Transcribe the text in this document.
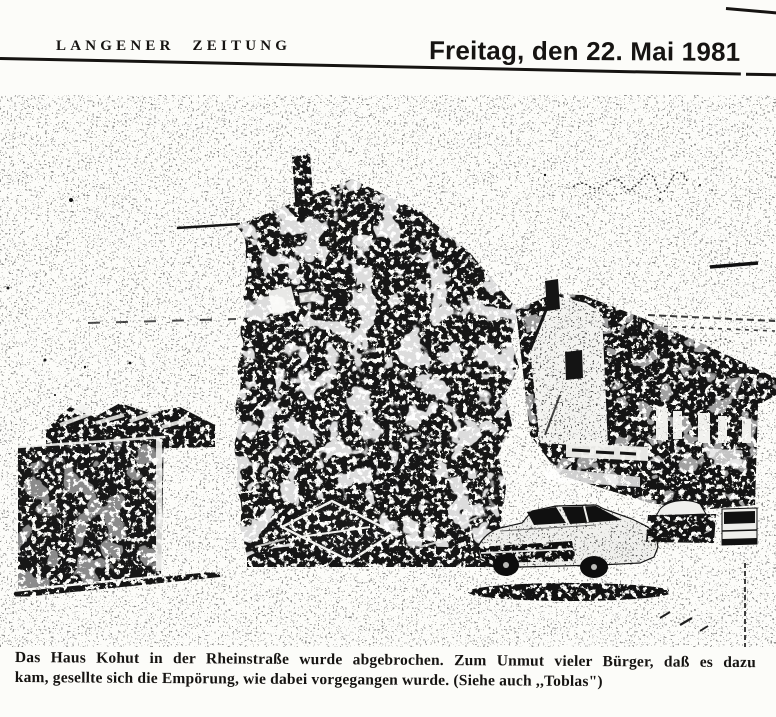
LANGENER ZEITUNG	Freitag, den 22. Mai 1981
Das Haus Kohut in der Rheinstraße wurde abgebrochen. Zum Unmut vieler Bürger, daß es dazu
kam, gesellte sich die Empörung, wie dabei vorgegangen wurde. (Siehe auch ,,Toblas")
